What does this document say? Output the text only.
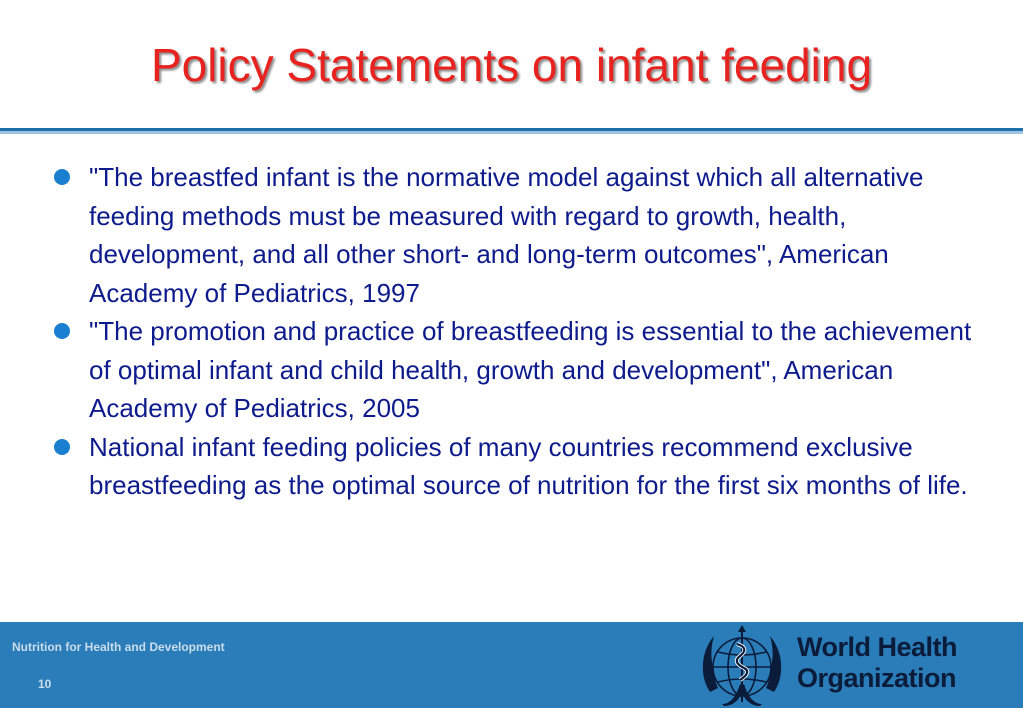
Policy Statements on infant feeding
"The breastfed infant is the normative model against which all alternative feeding methods must be measured with regard to growth, health, development, and all other short- and long-term outcomes", American Academy of Pediatrics, 1997
"The promotion and practice of breastfeeding is essential to the achievement of optimal infant and child health, growth and development", American Academy of Pediatrics, 2005
National infant feeding policies of many countries recommend exclusive breastfeeding as the optimal source of nutrition for the first six months of life.
Nutrition for Health and Development
10
World Health
Organization
